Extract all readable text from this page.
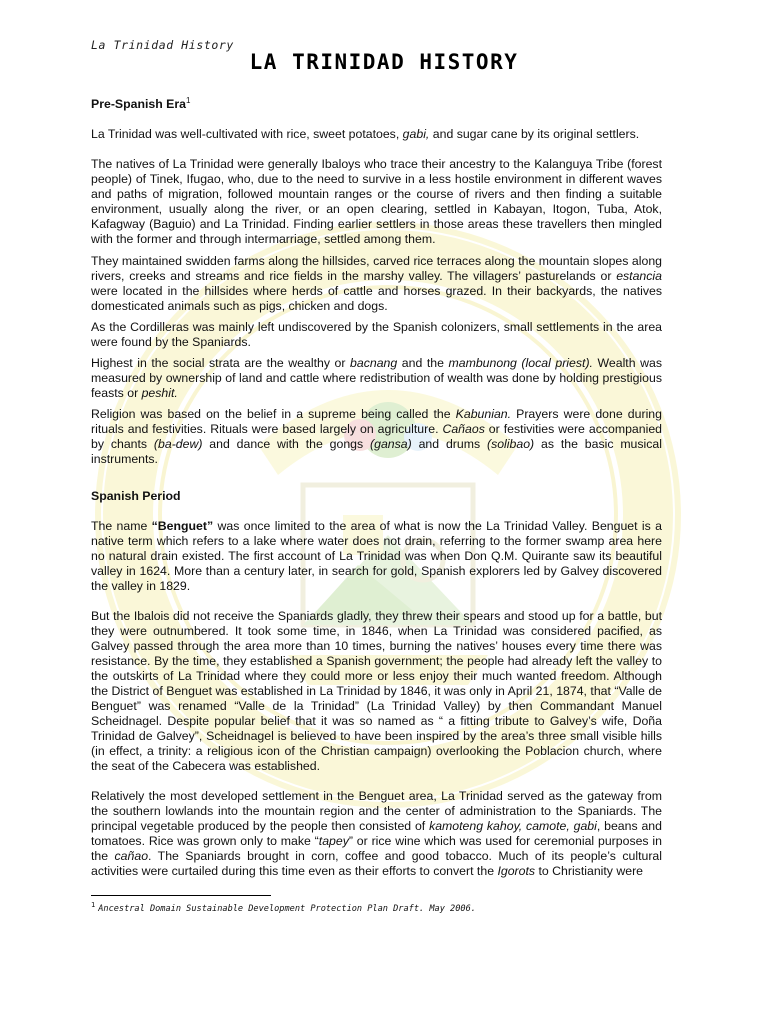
La Trinidad History
LA TRINIDAD HISTORY
Pre-Spanish Era$^1$

La Trinidad was well-cultivated with rice, sweet potatoes, gabi, and sugar cane by its original settlers.

The natives of La Trinidad were generally Ibaloys who trace their ancestry to the Kalanguya Tribe (forest people) of Tinek, Ifugao, who, due to the need to survive in a less hostile environment in different waves and paths of migration, followed mountain ranges or the course of rivers and then finding a suitable environment, usually along the river, or an open clearing, settled in Kabayan, Itogon, Tuba, Atok, Kafagway (Baguio) and La Trinidad. Finding earlier settlers in those areas these travellers then mingled with the former and through intermarriage, settled among them.

They maintained swidden farms along the hillsides, carved rice terraces along the mountain slopes along rivers, creeks and streams and rice fields in the marshy valley. The villagers’ pasturelands or estancia were located in the hillsides where herds of cattle and horses grazed. In their backyards, the natives domesticated animals such as pigs, chicken and dogs.

As the Cordilleras was mainly left undiscovered by the Spanish colonizers, small settlements in the area were found by the Spaniards.

Highest in the social strata are the wealthy or bacnang and the mambunong (local priest). Wealth was measured by ownership of land and cattle where redistribution of wealth was done by holding prestigious feasts or peshit.

Religion was based on the belief in a supreme being called the Kabunian. Prayers were done during rituals and festivities. Rituals were based largely on agriculture. Cañaos or festivities were accompanied by chants (ba-dew) and dance with the gongs (gansa) and drums (solibao) as the basic musical instruments.

Spanish Period

The name “Benguet” was once limited to the area of what is now the La Trinidad Valley. Benguet is a native term which refers to a lake where water does not drain, referring to the former swamp area here no natural drain existed. The first account of La Trinidad was when Don Q.M. Quirante saw its beautiful valley in 1624. More than a century later, in search for gold, Spanish explorers led by Galvey discovered the valley in 1829.

But the Ibalois did not receive the Spaniards gladly, they threw their spears and stood up for a battle, but they were outnumbered. It took some time, in 1846, when La Trinidad was considered pacified, as Galvey passed through the area more than 10 times, burning the natives’ houses every time there was resistance. By the time, they established a Spanish government; the people had already left the valley to the outskirts of La Trinidad where they could more or less enjoy their much wanted freedom. Although the District of Benguet was established in La Trinidad by 1846, it was only in April 21, 1874, that “Valle de Benguet” was renamed “Valle de la Trinidad” (La Trinidad Valley) by then Commandant Manuel Scheidnagel. Despite popular belief that it was so named as “ a fitting tribute to Galvey’s wife, Doña Trinidad de Galvey”, Scheidnagel is believed to have been inspired by the area’s three small visible hills (in effect, a trinity: a religious icon of the Christian campaign) overlooking the Poblacion church, where the seat of the Cabecera was established.

Relatively the most developed settlement in the Benguet area, La Trinidad served as the gateway from the southern lowlands into the mountain region and the center of administration to the Spaniards. The principal vegetable produced by the people then consisted of kamoteng kahoy, camote, gabi, beans and tomatoes. Rice was grown only to make “tapey” or rice wine which was used for ceremonial purposes in the cañao. The Spaniards brought in corn, coffee and good tobacco. Much of its people’s cultural activities were curtailed during this time even as their efforts to convert the Igorots to Christianity were

$^1$ Ancestral Domain Sustainable Development Protection Plan Draft. May 2006.
